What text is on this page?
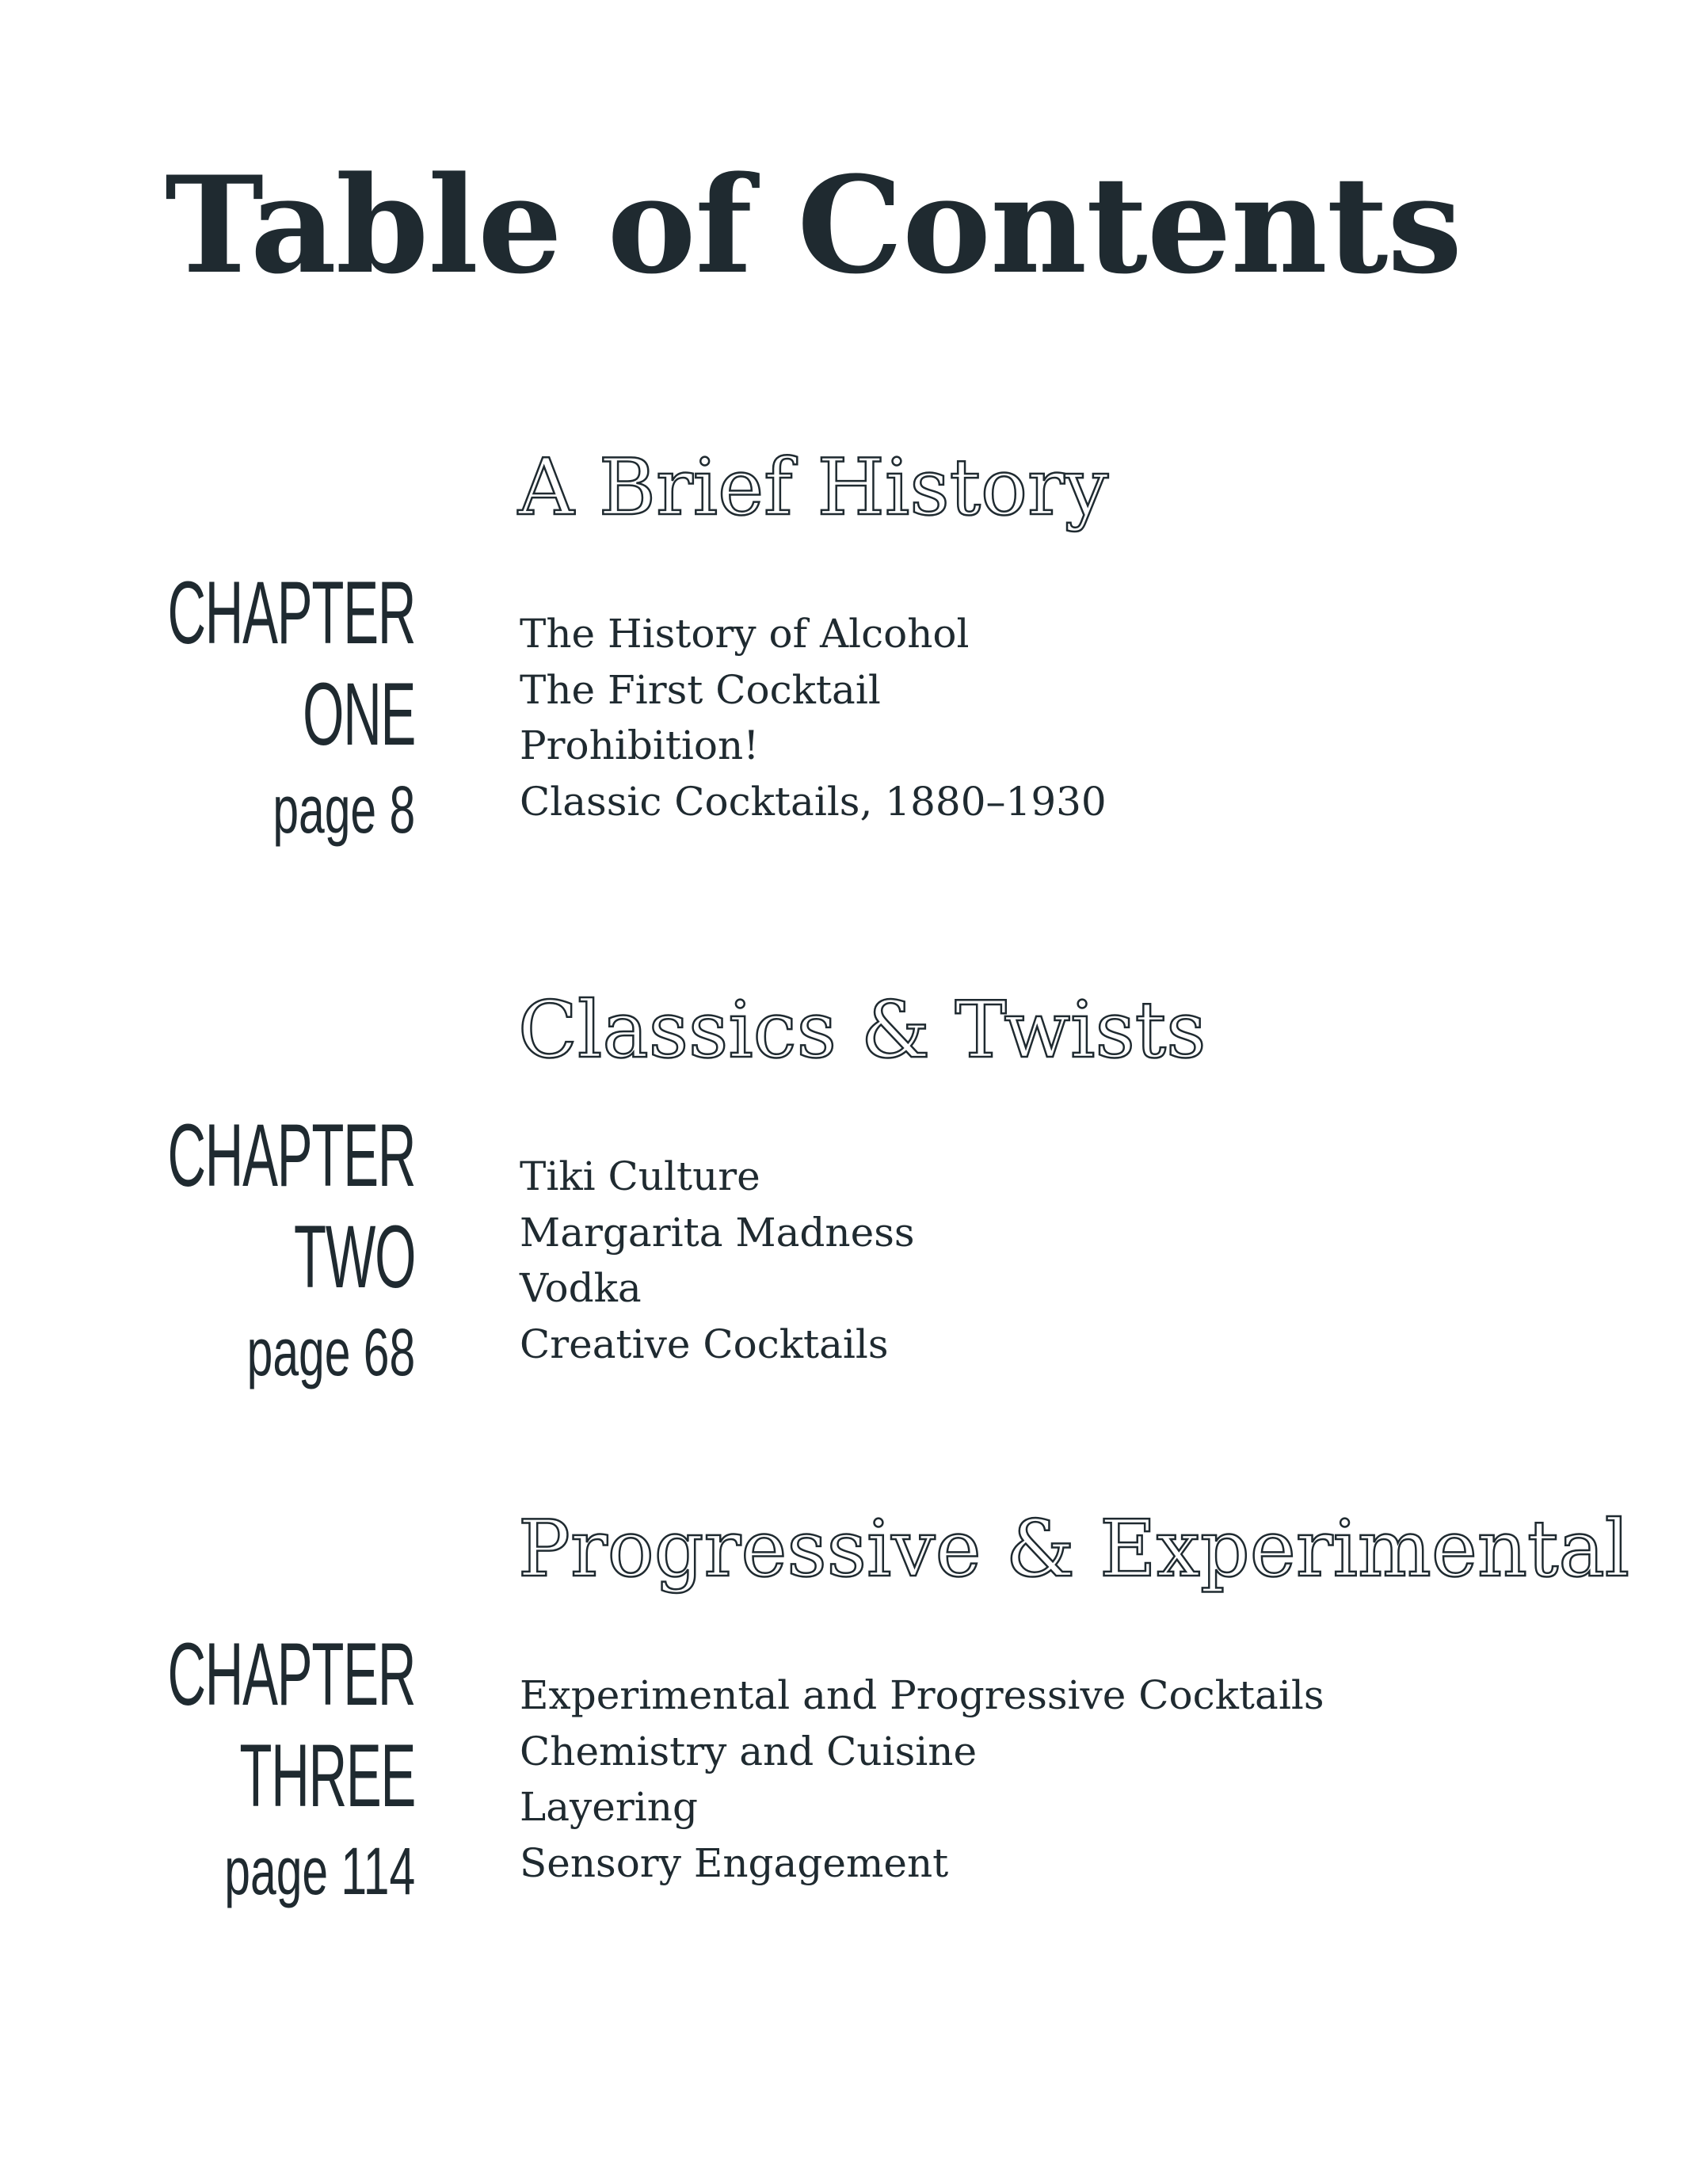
Table of Contents
A Brief History
CHAPTER
ONE
page 8
The History of Alcohol
The First Cocktail
Prohibition!
Classic Cocktails, 1880–1930
Classics & Twists
CHAPTER
TWO
page 68
Tiki Culture
Margarita Madness
Vodka
Creative Cocktails
Progressive & Experimental
CHAPTER
THREE
page 114
Experimental and Progressive Cocktails
Chemistry and Cuisine
Layering
Sensory Engagement
